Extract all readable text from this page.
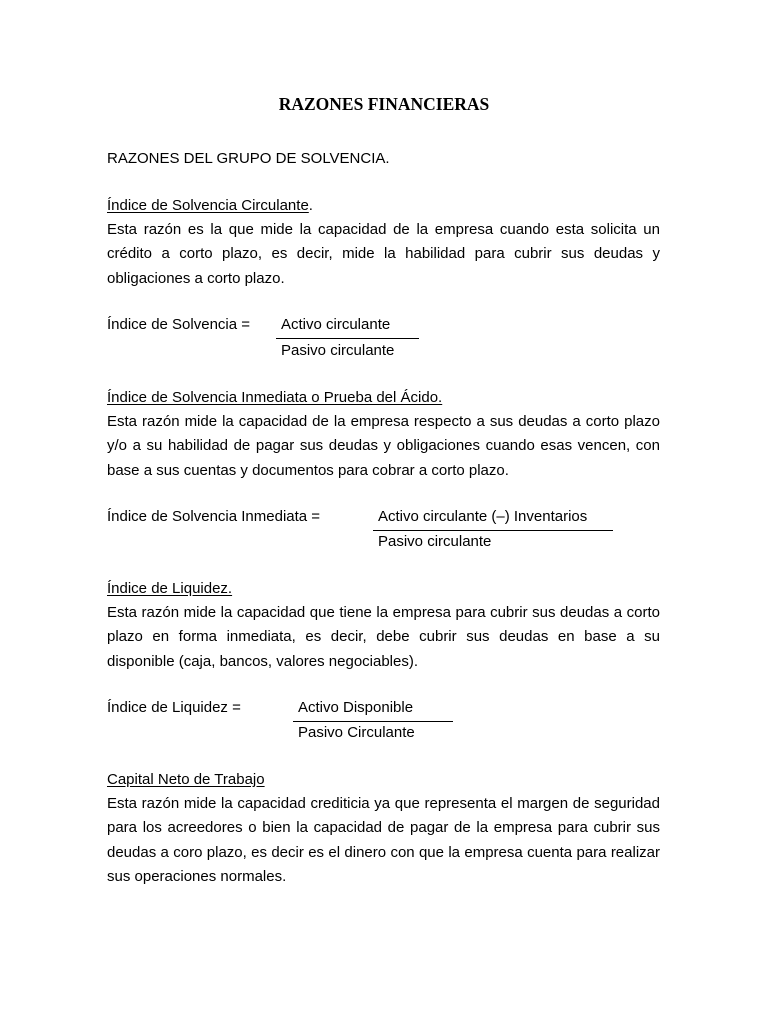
RAZONES FINANCIERAS
RAZONES DEL GRUPO DE SOLVENCIA.
Índice de Solvencia Circulante.
Esta razón es la que mide la capacidad de la empresa cuando esta solicita un crédito a corto plazo, es decir, mide la habilidad para cubrir sus deudas y obligaciones a corto plazo.
Índice de Solvencia = Activo circulante
Pasivo circulante
Índice de Solvencia Inmediata o Prueba del Ácido.
Esta razón mide la capacidad de la empresa respecto a sus deudas a corto plazo y/o a su habilidad de pagar sus deudas y obligaciones cuando esas vencen, con base a sus cuentas y documentos para cobrar a corto plazo.
Índice de Solvencia Inmediata =	Activo circulante (–) Inventarios
Pasivo circulante
Índice de Liquidez.
Esta razón mide la capacidad que tiene la empresa para cubrir sus deudas a corto plazo en forma inmediata, es decir, debe cubrir sus deudas en base a su disponible (caja, bancos, valores negociables).
Índice de Liquidez =	Activo Disponible
Pasivo Circulante
Capital Neto de Trabajo
Esta razón mide la capacidad crediticia ya que representa el margen de seguridad para los acreedores o bien la capacidad de pagar de la empresa para cubrir sus deudas a coro plazo, es decir es el dinero con que la empresa cuenta para realizar sus operaciones normales.
